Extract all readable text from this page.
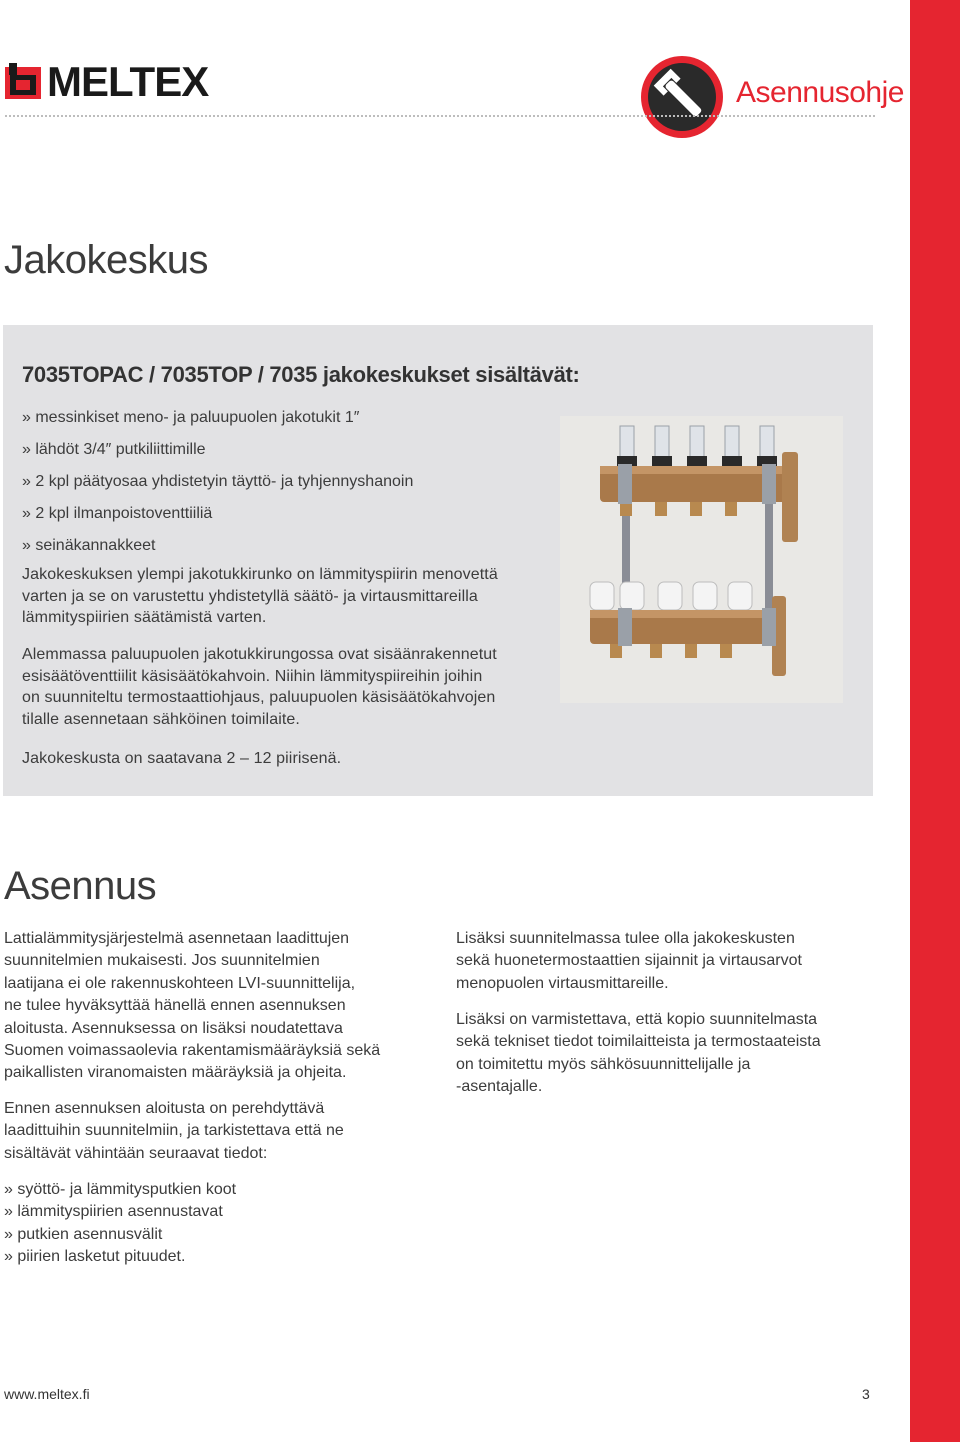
MELTEX	Asennusohje
Jakokeskus
7035TOPAC / 7035TOP / 7035 jakokeskukset sisältävät:
» messinkiset meno- ja paluupuolen jakotukit 1″
» lähdöt 3/4″ putkiliittimille
» 2 kpl päätyosaa yhdistetyin täyttö- ja tyhjennyshanoin
» 2 kpl ilmanpoistoventtiiliä
» seinäkannakkeet

Jakokeskuksen ylempi jakotukkirunko on lämmityspiirin menovettä
varten ja se on varustettu yhdistetyllä säätö- ja virtausmittareilla
lämmityspiirien säätämistä varten.

Alemmassa paluupuolen jakotukkirungossa ovat sisäänrakennetut
esisäätöventtiilit käsisäätökahvoin. Niihin lämmityspiireihin joihin
on suunniteltu termostaattiohjaus, paluupuolen käsisäätökahvojen
tilalle asennetaan sähköinen toimilaite.

Jakokeskusta on saatavana 2 – 12 piirisenä.

Asennus

Lattialämmitysjärjestelmä asennetaan laadittujen
suunnitelmien mukaisesti. Jos suunnitelmien
laatijana ei ole rakennuskohteen LVI-suunnittelija,
ne tulee hyväksyttää hänellä ennen asennuksen
aloitusta. Asennuksessa on lisäksi noudatettava
Suomen voimassaolevia rakentamismääräyksiä sekä
paikallisten viranomaisten määräyksiä ja ohjeita.

Ennen asennuksen aloitusta on perehdyttävä
laadittuihin suunnitelmiin, ja tarkistettava että ne
sisältävät vähintään seuraavat tiedot:

» syöttö- ja lämmitysputkien koot
» lämmityspiirien asennustavat
» putkien asennusvälit
» piirien lasketut pituudet.

Lisäksi suunnitelmassa tulee olla jakokeskusten
sekä huonetermostaattien sijainnit ja virtausarvot
menopuolen virtausmittareille.

Lisäksi on varmistettava, että kopio suunnitelmasta
sekä tekniset tiedot toimilaitteista ja termostaateista
on toimitettu myös sähkösuunnittelijalle ja
-asentajalle.

www.meltex.fi	3
